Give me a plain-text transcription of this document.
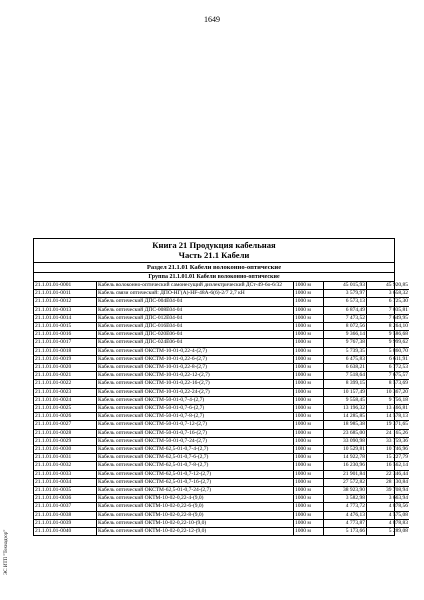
1649
ЭС ИТП "Технадзор"
Книга 21 Продукция кабельная
Часть 21.1 Кабели
Раздел 21.1.01 Кабели волоконно-оптические
Группа 21.1.01.01 Кабели волоконно-оптические
21.1.01.01-0001	Кабель волоконно-оптический самонесущий диэлектрический ДСт-49-6о-6/32	1000 м	45 015,93	45 920,85
21.1.01.01-0011	Кабель связи оптический: ДПО-НГ(А)-HF-48А-6(6)-2/7 2,7 кН	1000 м	3 579,97	3 658,32
21.1.01.01-0012	Кабель оптический ДПС-004Е04-04	1000 м	6 573,13	6 725,30
21.1.01.01-0013	Кабель оптический ДПС-008Е04-04	1000 м	6 874,49	7 035,81
21.1.01.01-0014	Кабель оптический ДПС-012Е04-04	1000 м	7 473,52	7 649,95
21.1.01.01-0015	Кабель оптический ДПС-016Е04-04	1000 м	8 072,56	8 264,10
21.1.01.01-0016	Кабель оптический ДПС-020Е06-04	1000 м	9 366,14	9 586,68
21.1.01.01-0017	Кабель оптический ДПС-024Е06-04	1000 м	9 767,38	9 999,62
21.1.01.01-0018	Кабель оптический ОКСТМ-10-01-0,22-4-(2,7)	1000 м	5 739,35	5 860,70
21.1.01.01-0019	Кабель оптический ОКСТМ-10-01-0,22-6-(2,7)	1000 м	6 475,83	6 611,91
21.1.01.01-0020	Кабель оптический ОКСТМ-10-01-0,22-8-(2,7)	1000 м	6 638,21	6 772,53
21.1.01.01-0021	Кабель оптический ОКСТМ-10-01-0,22-12-(2,7)	1000 м	7 518,64	7 675,57
21.1.01.01-0022	Кабель оптический ОКСТМ-10-01-0,22-16-(2,7)	1000 м	8 399,15	8 573,69
21.1.01.01-0023	Кабель оптический ОКСТМ-10-01-0,22-24-(2,7)	1000 м	10 157,49	10 367,20
21.1.01.01-0024	Кабель оптический ОКСТМ-50-01-0,7-4-(2,7)	1000 м	9 558,45	9 756,18
21.1.01.01-0025	Кабель оптический ОКСТМ-50-01-0,7-6-(2,7)	1000 м	13 196,32	13 466,81
21.1.01.01-0026	Кабель оптический ОКСТМ-50-01-0,7-8-(2,7)	1000 м	14 285,85	14 578,13
21.1.01.01-0027	Кабель оптический ОКСТМ-50-01-0,7-12-(2,7)	1000 м	18 985,38	19 371,65
21.1.01.01-0028	Кабель оптический ОКСТМ-50-01-0,7-16-(2,7)	1000 м	23 685,00	24 165,26
21.1.01.01-0029	Кабель оптический ОКСТМ-50-01-0,7-24-(2,7)	1000 м	33 090,98	33 759,36
21.1.01.01-0030	Кабель оптический ОКСТМ-62,5-01-0,7-4-(2,7)	1000 м	10 529,81	10 746,96
21.1.01.01-0031	Кабель оптический ОКСТМ-62,5-01-0,7-6-(2,7)	1000 м	14 922,78	15 227,79
21.1.01.01-0032	Кабель оптический ОКСТМ-62,5-01-0,7-8-(2,7)	1000 м	16 230,96	16 562,14
21.1.01.01-0033	Кабель оптический ОКСТМ-62,5-01-0,7-12-(2,7)	1000 м	21 901,84	22 346,44
21.1.01.01-0034	Кабель оптический ОКСТМ-62,5-01-0,7-16-(2,7)	1000 м	27 572,82	28 130,84
21.1.01.01-0035	Кабель оптический ОКСТМ-62,5-01-0,7-24-(2,7)	1000 м	38 923,90	39 708,94
21.1.01.01-0036	Кабель оптический ОКТМ-10-02-0,22-4-(9,0)	1000 м	3 582,98	3 663,94
21.1.01.01-0037	Кабель оптический ОКТМ-10-02-0,22-6-(9,0)	1000 м	4 773,72	4 878,56
21.1.01.01-0038	Кабель оптический ОКТМ-10-02-0,22-8-(9,0)	1000 м	4 476,13	4 575,08
21.1.01.01-0039	Кабель оптический ОКТМ-10-02-0,22-10-(9,0)	1000 м	4 773,87	4 878,83
21.1.01.01-0040	Кабель оптический ОКТМ-10-02-0,22-12-(9,0)	1000 м	5 173,66	5 289,08
